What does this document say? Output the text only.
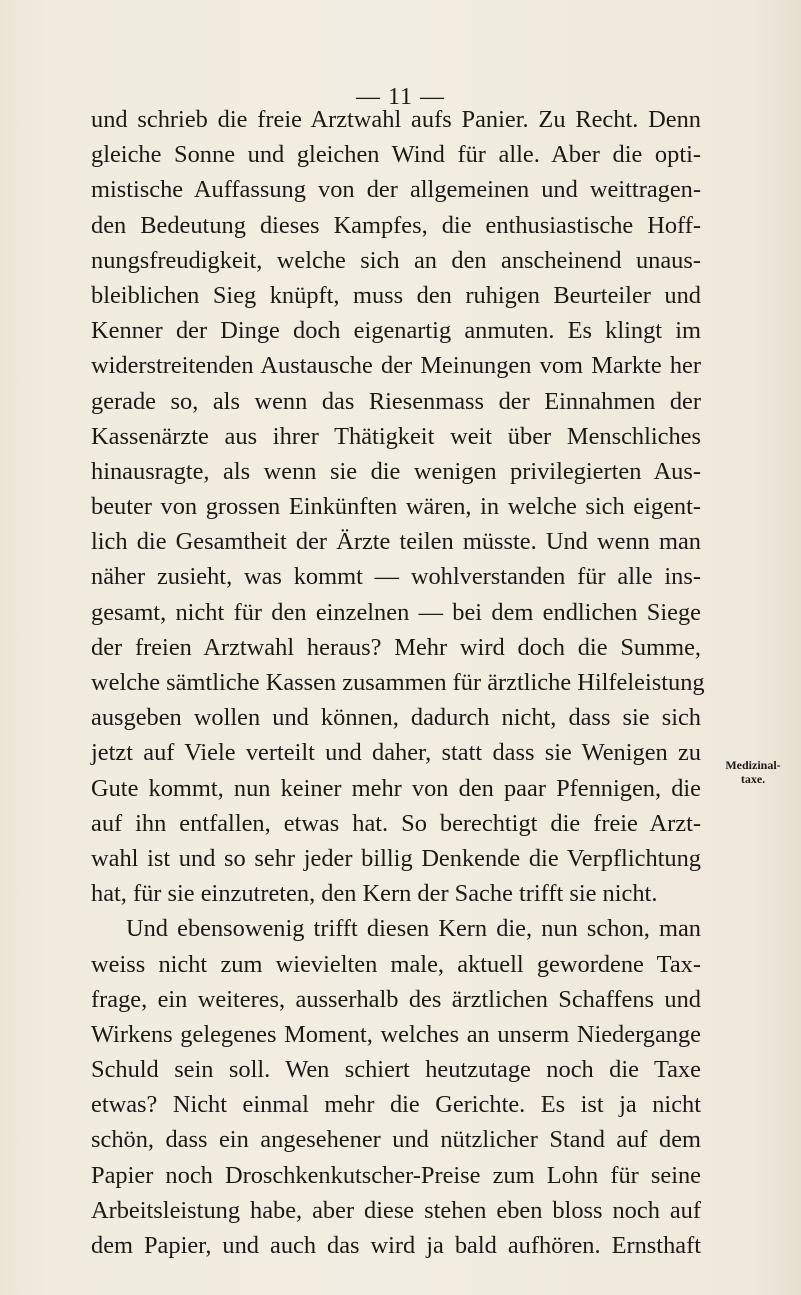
— 11 —
und schrieb die freie Arztwahl aufs Panier. Zu Recht. Denn
gleiche Sonne und gleichen Wind für alle. Aber die opti-
mistische Auffassung von der allgemeinen und weittragen-
den Bedeutung dieses Kampfes, die enthusiastische Hoff-
nungsfreudigkeit, welche sich an den anscheinend unaus-
bleiblichen Sieg knüpft, muss den ruhigen Beurteiler und
Kenner der Dinge doch eigenartig anmuten. Es klingt im
widerstreitenden Austausche der Meinungen vom Markte her
gerade so, als wenn das Riesenmass der Einnahmen der
Kassenärzte aus ihrer Thätigkeit weit über Menschliches
hinausragte, als wenn sie die wenigen privilegierten Aus-
beuter von grossen Einkünften wären, in welche sich eigent-
lich die Gesamtheit der Ärzte teilen müsste. Und wenn man
näher zusieht, was kommt — wohlverstanden für alle ins-
gesamt, nicht für den einzelnen — bei dem endlichen Siege
der freien Arztwahl heraus? Mehr wird doch die Summe,
welche sämtliche Kassen zusammen für ärztliche Hilfeleistung
ausgeben wollen und können, dadurch nicht, dass sie sich
jetzt auf Viele verteilt und daher, statt dass sie Wenigen zu
Gute kommt, nun keiner mehr von den paar Pfennigen, die
auf ihn entfallen, etwas hat. So berechtigt die freie Arzt-
wahl ist und so sehr jeder billig Denkende die Verpflichtung
hat, für sie einzutreten, den Kern der Sache trifft sie nicht.
Und ebensowenig trifft diesen Kern die, nun schon, man
weiss nicht zum wievielten male, aktuell gewordene Tax-
frage, ein weiteres, ausserhalb des ärztlichen Schaffens und
Wirkens gelegenes Moment, welches an unserm Niedergange
Schuld sein soll. Wen schiert heutzutage noch die Taxe
etwas? Nicht einmal mehr die Gerichte. Es ist ja nicht
schön, dass ein angesehener und nützlicher Stand auf dem
Papier noch Droschkenkutscher-Preise zum Lohn für seine
Arbeitsleistung habe, aber diese stehen eben bloss noch auf
dem Papier, und auch das wird ja bald aufhören. Ernsthaft
Medizinal-
taxe.
